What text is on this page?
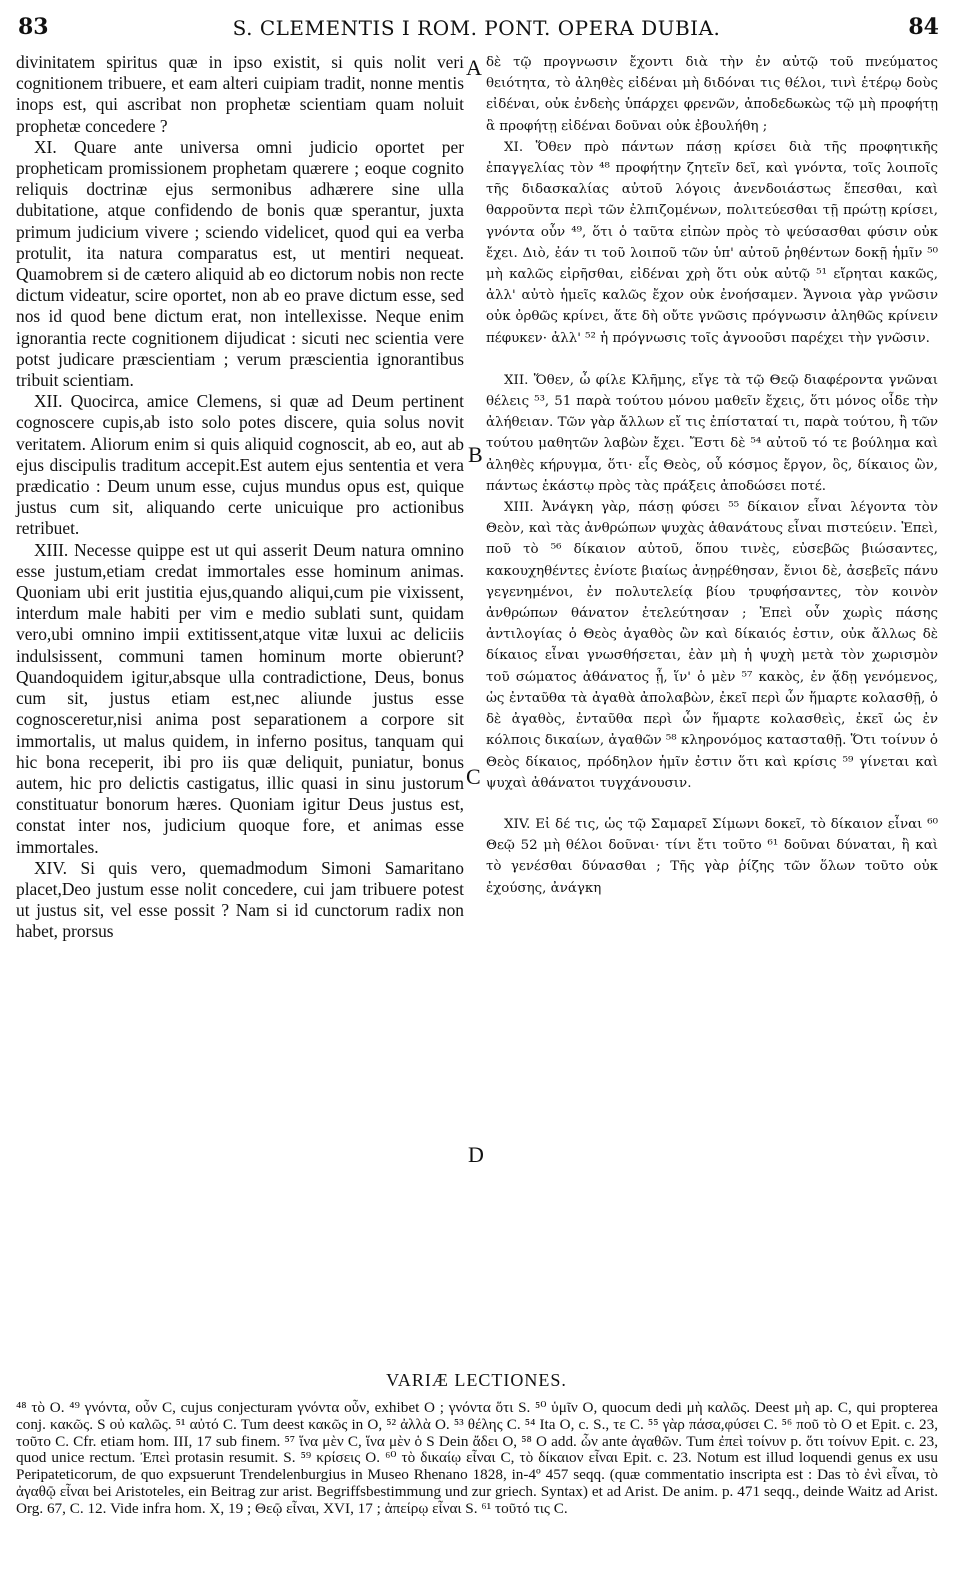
83	S. CLEMENTIS I ROM. PONT. OPERA DUBIA.	84

divinitatem spiritus quæ in ipso existit, si quis nolit veri cognitionem tribuere, et eam alteri cuipiam tradit, nonne mentis inops est, qui ascribat non prophetæ scientiam quam noluit prophetæ concedere ?

XI. Quare ante universa omni judicio oportet per propheticam promissionem prophetam quærere ; eoque cognito reliquis doctrinæ ejus sermonibus adhærere sine ulla dubitatione, atque confidendo de bonis quæ sperantur, juxta primum judicium vivere ; sciendo videlicet, quod qui ea verba protulit, ita natura comparatus est, ut mentiri nequeat. Quamobrem si de cætero aliquid ab eo dictorum nobis non recte dictum videatur, scire oportet, non ab eo prave dictum esse, sed nos id quod bene dictum erat, non intellexisse. Neque enim ignorantia recte cognitionem dijudicat : sicuti nec scientia vere potst judicare præscientiam ; verum præscientia ignorantibus tribuit scientiam.

XII. Quocirca, amice Clemens, si quæ ad Deum pertinent cognoscere cupis,ab isto solo potes discere, quia solus novit veritatem. Aliorum enim si quis aliquid cognoscit, ab eo, aut ab ejus discipulis traditum accepit.Est autem ejus sententia et vera prædicatio : Deum unum esse, cujus mundus opus est, quique justus cum sit, aliquando certe unicuique pro actionibus retribuet.

XIII. Necesse quippe est ut qui asserit Deum natura omnino esse justum,etiam credat immortales esse hominum animas. Quoniam ubi erit justitia ejus,quando aliqui,cum pie vixissent, interdum male habiti per vim e medio sublati sunt, quidam vero,ubi omnino impii extitissent,atque vitæ luxui ac deliciis indulsissent, communi tamen hominum morte obierunt?Quandoquidem igitur,absque ulla contradictione, Deus, bonus cum sit, justus etiam est,nec aliunde justus esse cognosceretur,nisi anima post separationem a corpore sit immortalis, ut malus quidem, in inferno positus, tanquam qui hic bona receperit, ibi pro iis quæ deliquit, puniatur, bonus autem, hic pro delictis castigatus, illic quasi in sinu justorum constituatur bonorum hæres. Quoniam igitur Deus justus est, constat inter nos, judicium quoque fore, et animas esse immortales.

XIV. Si quis vero, quemadmodum Simoni Samaritano placet,Deo justum esse nolit concedere, cui jam tribuere potest ut justus sit, vel esse possit ? Nam si id cunctorum radix non habet, prorsus

A
B
C
D

δὲ τῷ προγνωσιν ἔχοντι διὰ τὴν ἐν αὐτῷ τοῦ πνεύματος θειότητα, τὸ ἀληθὲς εἰδέναι μὴ διδόναι τις θέλοι, τινὶ ἑτέρῳ δοὺς εἰδέναι, οὐκ ἐνδεὴς ὑπάρχει φρενῶν, ἀποδεδωκὼς τῷ μὴ προφήτῃ ἃ προφήτῃ εἰδέναι δοῦναι οὐκ ἐβουλήθη ;

XI. Ὅθεν πρὸ πάντων πάσῃ κρίσει διὰ τῆς προφητικῆς ἐπαγγελίας τὸν ⁴⁸ προφήτην ζητεῖν δεῖ, καὶ γνόντα, τοῖς λοιποῖς τῆς διδασκαλίας αὐτοῦ λόγοις ἀνενδοιάστως ἕπεσθαι, καὶ θαρροῦντα περὶ τῶν ἐλπιζομένων, πολιτεύεσθαι τῇ πρώτῃ κρίσει, γνόντα οὖν ⁴⁹, ὅτι ὁ ταῦτα εἰπὼν πρὸς τὸ ψεύσασθαι φύσιν οὐκ ἔχει. Διὸ, ἐάν τι τοῦ λοιποῦ τῶν ὑπ' αὐτοῦ ῥηθέντων δοκῇ ἡμῖν ⁵⁰ μὴ καλῶς εἰρῆσθαι, εἰδέναι χρὴ ὅτι οὐκ αὐτῷ ⁵¹ εἴρηται κακῶς, ἀλλ' αὐτὸ ἡμεῖς καλῶς ἔχον οὐκ ἐνοήσαμεν. Ἄγνοια γὰρ γνῶσιν οὐκ ὀρθῶς κρίνει, ἅτε δὴ οὔτε γνῶσις πρόγνωσιν ἀληθῶς κρίνειν πέφυκεν· ἀλλ' ⁵² ἡ πρόγνωσις τοῖς ἀγνοοῦσι παρέχει τὴν γνῶσιν.

XII. Ὅθεν, ὦ φίλε Κλῆμης, εἴγε τὰ τῷ Θεῷ διαφέροντα γνῶναι θέλεις ⁵³, 51 παρὰ τούτου μόνου μαθεῖν ἔχεις, ὅτι μόνος οἶδε τὴν ἀλήθειαν. Τῶν γὰρ ἄλλων εἴ τις ἐπίσταταί τι, παρὰ τούτου, ἢ τῶν τούτου μαθητῶν λαβὼν ἔχει. Ἔστι δὲ ⁵⁴ αὐτοῦ τό τε βούλημα καὶ ἀληθὲς κήρυγμα, ὅτι· εἷς Θεὸς, οὗ κόσμος ἔργον, ὃς, δίκαιος ὢν, πάντως ἑκάστῳ πρὸς τὰς πράξεις ἀποδώσει ποτέ.

XIII. Ἀνάγκη γὰρ, πάσῃ φύσει ⁵⁵ δίκαιον εἶναι λέγοντα τὸν Θεὸν, καὶ τὰς ἀνθρώπων ψυχὰς ἀθανάτους εἶναι πιστεύειν. Ἐπεὶ, ποῦ τὸ ⁵⁶ δίκαιον αὐτοῦ, ὅπου τινὲς, εὐσεβῶς βιώσαντες, κακουχηθέντες ἐνίοτε βιαίως ἀνῃρέθησαν, ἔνιοι δὲ, ἀσεβεῖς πάνυ γεγενημένοι, ἐν πολυτελείᾳ βίου τρυφήσαντες, τὸν κοινὸν ἀνθρώπων θάνατον ἐτελεύτησαν ; Ἐπεὶ οὖν χωρὶς πάσης ἀντιλογίας ὁ Θεὸς ἀγαθὸς ὢν καὶ δίκαιός ἐστιν, οὐκ ἄλλως δὲ δίκαιος εἶναι γνωσθήσεται, ἐὰν μὴ ἡ ψυχὴ μετὰ τὸν χωρισμὸν τοῦ σώματος ἀθάνατος ᾖ, ἵν' ὁ μὲν ⁵⁷ κακὸς, ἐν ᾅδῃ γενόμενος, ὡς ἐνταῦθα τὰ ἀγαθὰ ἀπολαβὼν, ἐκεῖ περὶ ὧν ἥμαρτε κολασθῇ, ὁ δὲ ἀγαθὸς, ἐνταῦθα περὶ ὧν ἥμαρτε κολασθεὶς, ἐκεῖ ὡς ἐν κόλποις δικαίων, ἀγαθῶν ⁵⁸ κληρονόμος κατασταθῇ. Ὅτι τοίνυν ὁ Θεὸς δίκαιος, πρόδηλον ἡμῖν ἐστιν ὅτι καὶ κρίσις ⁵⁹ γίνεται καὶ ψυχαὶ ἀθάνατοι τυγχάνουσιν.

XIV. Εἰ δέ τις, ὡς τῷ Σαμαρεῖ Σίμωνι δοκεῖ, τὸ δίκαιον εἶναι ⁶⁰ Θεῷ 52 μὴ θέλοι δοῦναι· τίνι ἔτι τοῦτο ⁶¹ δοῦναι δύναται, ἢ καὶ τὸ γενέσθαι δύνασθαι ; Τῆς γὰρ ῥίζης τῶν ὅλων τοῦτο οὐκ ἐχούσης, ἀνάγκη

VARIÆ LECTIONES.

⁴⁸ τὸ O. ⁴⁹ γνόντα, οὖν C, cujus conjecturam γνόντα οὖν, exhibet O ; γνόντα ὅτι S. ⁵⁰ ὑμῖν O, quocum dedi μὴ καλῶς. Deest μὴ ap. C, qui propterea conj. κακῶς. S οὐ καλῶς. ⁵¹ αὐτό C. Tum deest κακῶς in O, ⁵² ἀλλὰ O. ⁵³ θέλης C. ⁵⁴ Ita O, c. S., τε C. ⁵⁵ γὰρ πάσα,φύσει C. ⁵⁶ ποῦ τὸ O et Epit. c. 23, τοῦτο C. Cfr. etiam hom. III, 17 sub finem. ⁵⁷ ἵνα μὲν C, ἵνα μὲν ὁ S Dein ἄδει O, ⁵⁸ O add. ὧν ante ἀγαθῶν. Tum ἐπεὶ τοίνυν p. ὅτι τοίνυν Epit. c. 23, quod unice rectum. Ἐπεὶ protasin resumit. S. ⁵⁹ κρίσεις O. ⁶⁰ τὸ δικαίῳ εἶναι C, τὸ δίκαιον εἶναι Epit. c. 23. Notum est illud loquendi genus ex usu Peripateticorum, de quo expsuerunt Trendelenburgius in Museo Rhenano 1828, in-4º 457 seqq. (quæ commentatio inscripta est : Das τὸ ἐνὶ εἶναι, τὸ ἀγαθῷ εἶναι bei Aristoteles, ein Beitrag zur arist. Begriffsbestimmung und zur griech. Syntax) et ad Arist. De anim. p. 471 seqq., deinde Waitz ad Arist. Org. 67, C. 12. Vide infra hom. X, 19 ; Θεῷ εἶναι, XVI, 17 ; ἀπείρῳ εἶναι S. ⁶¹ τοῦτό τις C.
